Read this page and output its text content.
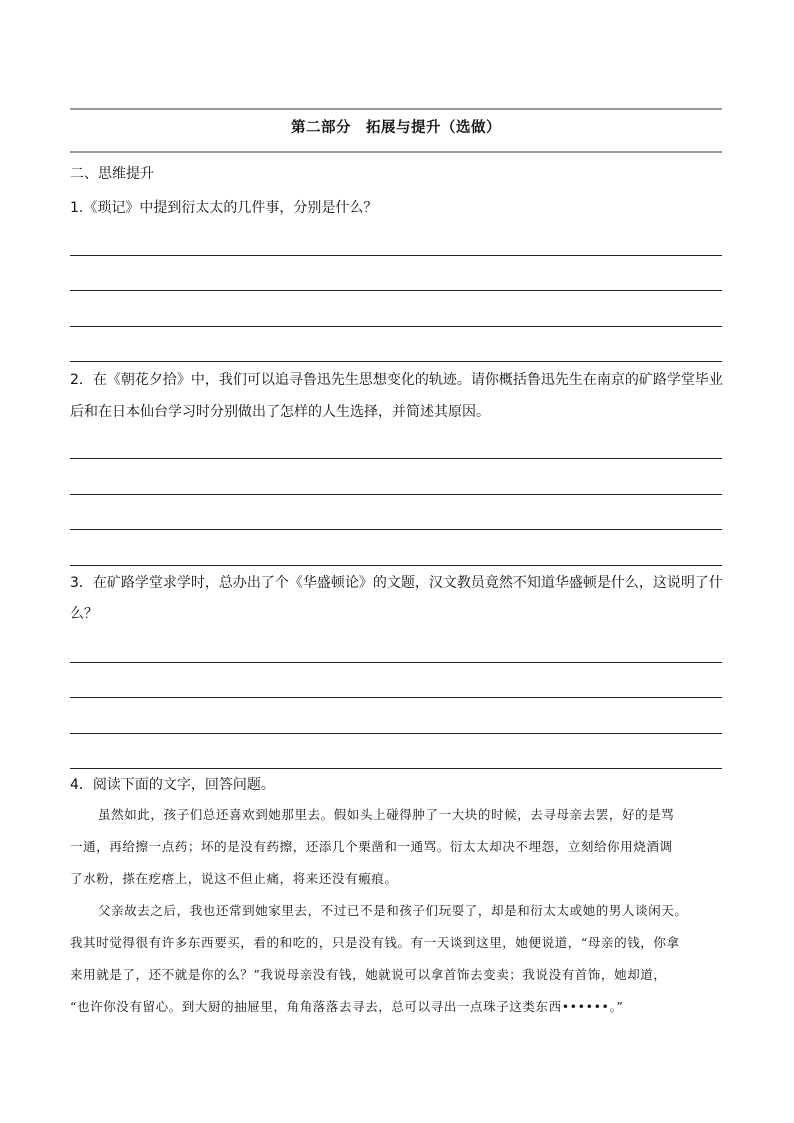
第二部分　拓展与提升（选做）
二、思维提升
1.《琐记》中提到衍太太的几件事，分别是什么？
2．在《朝花夕拾》中，我们可以追寻鲁迅先生思想变化的轨迹。请你概括鲁迅先生在南京的矿路学堂毕业
后和在日本仙台学习时分别做出了怎样的人生选择，并简述其原因。
3．在矿路学堂求学时，总办出了个《华盛顿论》的文题，汉文教员竟然不知道华盛顿是什么，这说明了什
么？
4．阅读下面的文字，回答问题。
虽然如此，孩子们总还喜欢到她那里去。假如头上碰得肿了一大块的时候，去寻母亲去罢，好的是骂
一通，再给擦一点药；坏的是没有药擦，还添几个栗凿和一通骂。衍太太却决不埋怨，立刻给你用烧酒调
了水粉，搽在疙瘩上，说这不但止痛，将来还没有瘢痕。
父亲故去之后，我也还常到她家里去，不过已不是和孩子们玩耍了，却是和衍太太或她的男人谈闲天。
我其时觉得很有许多东西要买，看的和吃的，只是没有钱。有一天谈到这里，她便说道，“母亲的钱，你拿
来用就是了，还不就是你的么？”我说母亲没有钱，她就说可以拿首饰去变卖；我说没有首饰，她却道，
“也许你没有留心。到大厨的抽屉里，角角落落去寻去，总可以寻出一点珠子这类东西••••••。”
